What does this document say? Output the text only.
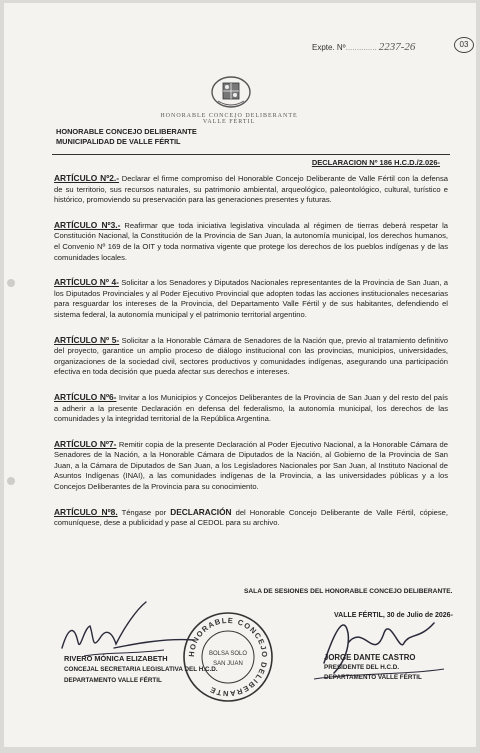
Expte. Nº.............. 2237-26	03
HONORABLE CONCEJO DELIBERANTE VALLE FÉRTIL
HONORABLE CONCEJO DELIBERANTE
MUNICIPALIDAD DE VALLE FÉRTIL
DECLARACION Nº 186 H.C.D./2.026-

ARTÍCULO Nº2.- Declarar el firme compromiso del Honorable Concejo Deliberante de Valle Fértil con la defensa de su territorio, sus recursos naturales, su patrimonio ambiental, arqueológico, paleontológico, cultural, turístico e histórico, promoviendo su preservación para las generaciones presentes y futuras.

ARTÍCULO Nº3.- Reafirmar que toda iniciativa legislativa vinculada al régimen de tierras deberá respetar la Constitución Nacional, la Constitución de la Provincia de San Juan, la autonomía municipal, los derechos humanos, el Convenio Nº 169 de la OIT y toda normativa vigente que protege los derechos de los pueblos indígenas y de las comunidades locales.

ARTÍCULO Nº 4- Solicitar a los Senadores y Diputados Nacionales representantes de la Provincia de San Juan, a los Diputados Provinciales y al Poder Ejecutivo Provincial que adopten todas las acciones institucionales necesarias para resguardar los intereses de la Provincia, del Departamento Valle Fértil y de sus habitantes, defendiendo el sistema federal, la autonomía municipal y el patrimonio territorial argentino.

ARTÍCULO Nº 5- Solicitar a la Honorable Cámara de Senadores de la Nación que, previo al tratamiento definitivo del proyecto, garantice un amplio proceso de diálogo institucional con las provincias, municipios, universidades, organizaciones de la sociedad civil, sectores productivos y comunidades indígenas, asegurando una participación efectiva en toda decisión que pueda afectar sus derechos e intereses.

ARTÍCULO Nº6- Invitar a los Municipios y Concejos Deliberantes de la Provincia de San Juan y del resto del país a adherir a la presente Declaración en defensa del federalismo, la autonomía municipal, los derechos de las comunidades y la integridad territorial de la República Argentina.

ARTÍCULO Nº7- Remitir copia de la presente Declaración al Poder Ejecutivo Nacional, a la Honorable Cámara de Senadores de la Nación, a la Honorable Cámara de Diputados de la Nación, al Gobierno de la Provincia de San Juan, a la Cámara de Diputados de San Juan, a los Legisladores Nacionales por San Juan, al Instituto Nacional de Asuntos Indígenas (INAI), a las comunidades indígenas de la Provincia, a las universidades públicas y a los Concejos Deliberantes de la Provincia para su conocimiento.

ARTÍCULO Nº8. Téngase por DECLARACIÓN del Honorable Concejo Deliberante de Valle Fértil, cópiese, comuníquese, dese a publicidad y pase al CEDOL para su archivo.

SALA DE SESIONES DEL HONORABLE CONCEJO DELIBERANTE.
VALLE FÉRTIL, 30 de Julio de 2026-
RIVERO MÓNICA ELIZABETH
CONCEJAL SECRETARIA LEGISLATIVA DEL H.C.D.
DEPARTAMENTO VALLE FÉRTIL
HONORABLE CONCEJO DELIBERANTE
BOLSA SOLO
SAN JUAN
JORGE DANTE CASTRO
PRESIDENTE DEL H.C.D.
DEPARTAMENTO VALLE FÉRTIL
